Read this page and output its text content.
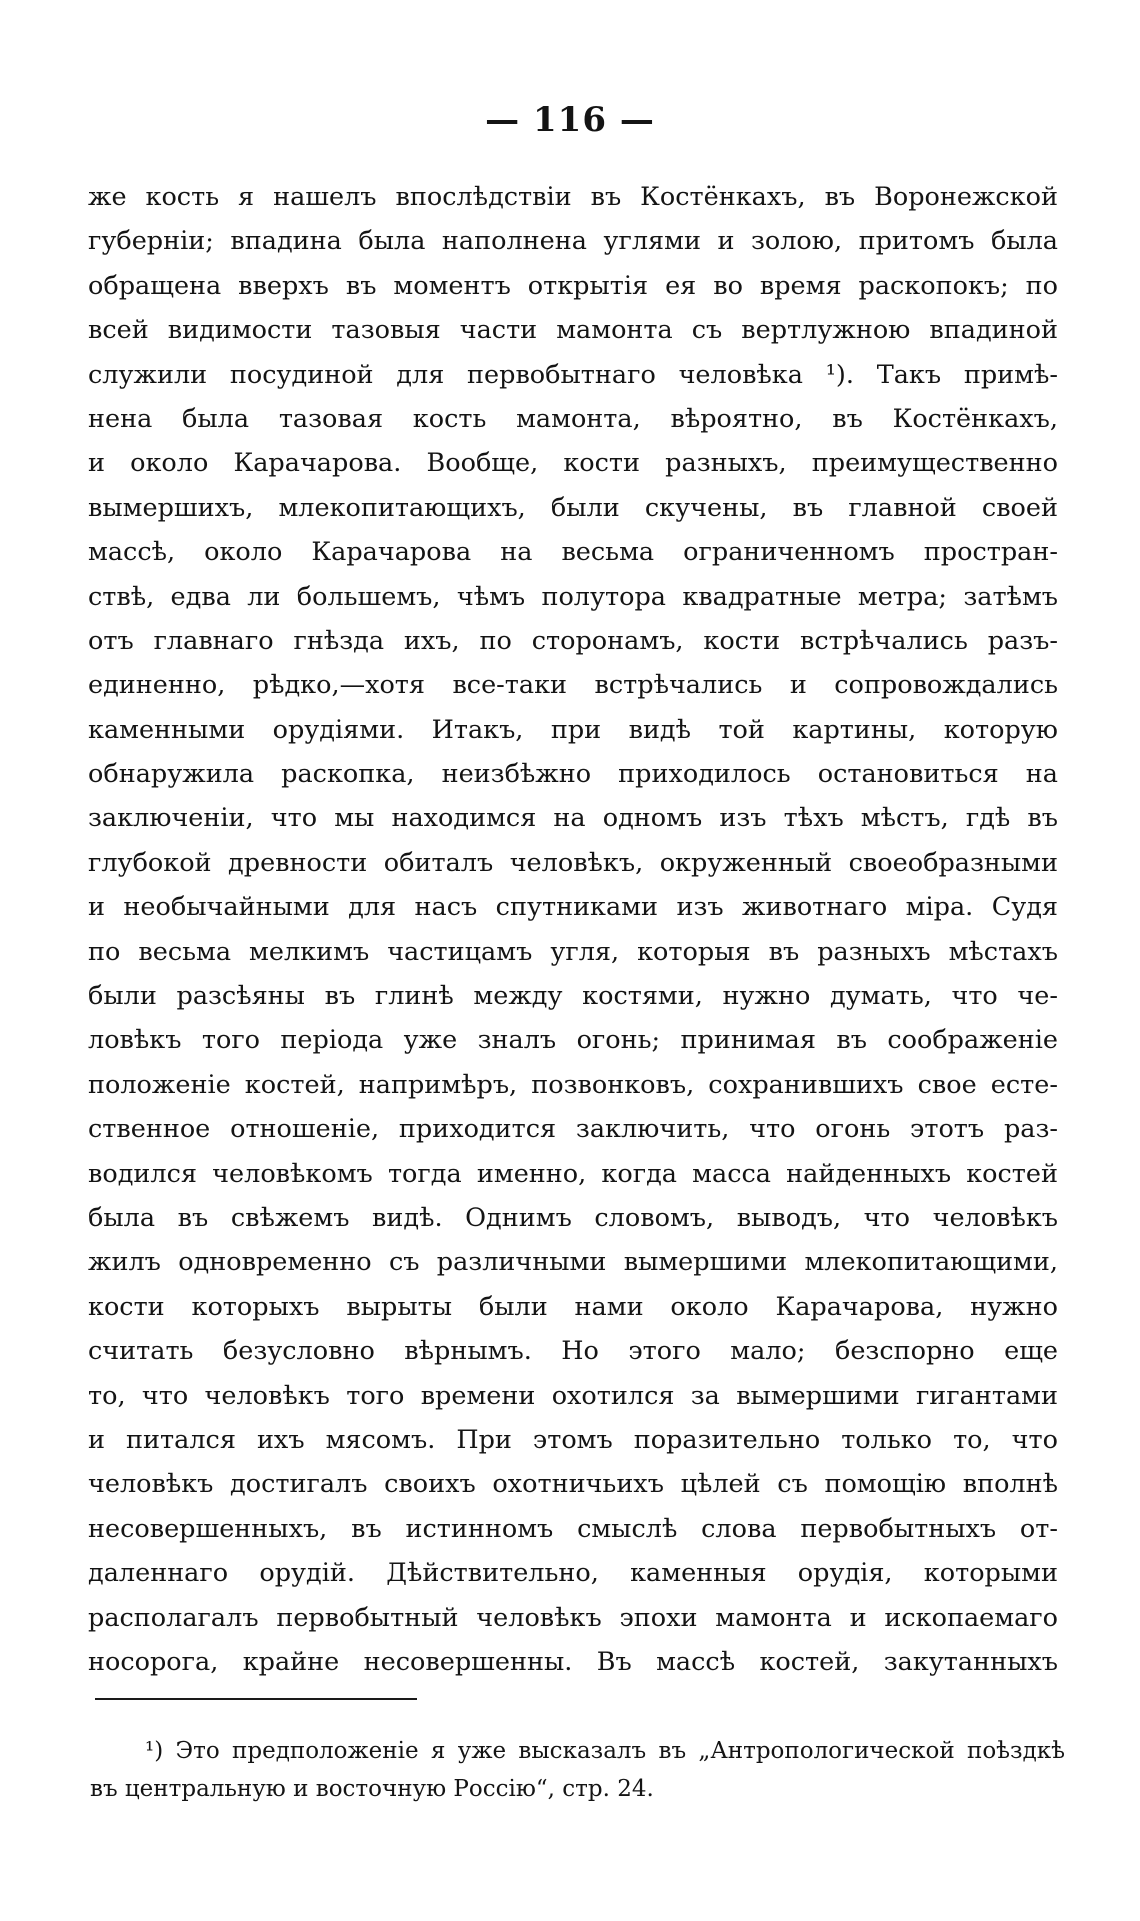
— 116 —
же кость я нашелъ впослѣдствіи въ Костёнкахъ, въ Воронежской
губерніи; впадина была наполнена углями и золою, притомъ была
обращена вверхъ въ моментъ открытія ея во время раскопокъ; по
всей видимости тазовыя части мамонта съ вертлужною впадиной
служили посудиной для первобытнаго человѣка ¹). Такъ примѣ-
нена была тазовая кость мамонта, вѣроятно, въ Костёнкахъ,
и около Карачарова. Вообще, кости разныхъ, преимущественно
вымершихъ, млекопитающихъ, были скучены, въ главной своей
массѣ, около Карачарова на весьма ограниченномъ простран-
ствѣ, едва ли большемъ, чѣмъ полутора квадратные метра; затѣмъ
отъ главнаго гнѣзда ихъ, по сторонамъ, кости встрѣчались разъ-
единенно, рѣдко,—хотя все-таки встрѣчались и сопровождались
каменными орудіями. Итакъ, при видѣ той картины, которую
обнаружила раскопка, неизбѣжно приходилось остановиться на
заключеніи, что мы находимся на одномъ изъ тѣхъ мѣстъ, гдѣ въ
глубокой древности обиталъ человѣкъ, окруженный своеобразными
и необычайными для насъ спутниками изъ животнаго міра. Судя
по весьма мелкимъ частицамъ угля, которыя въ разныхъ мѣстахъ
были разсѣяны въ глинѣ между костями, нужно думать, что че-
ловѣкъ того періода уже зналъ огонь; принимая въ соображеніе
положеніе костей, напримѣръ, позвонковъ, сохранившихъ свое есте-
ственное отношеніе, приходится заключить, что огонь этотъ раз-
водился человѣкомъ тогда именно, когда масса найденныхъ костей
была въ свѣжемъ видѣ. Однимъ словомъ, выводъ, что человѣкъ
жилъ одновременно съ различными вымершими млекопитающими,
кости которыхъ вырыты были нами около Карачарова, нужно
считать безусловно вѣрнымъ. Но этого мало; безспорно еще
то, что человѣкъ того времени охотился за вымершими гигантами
и питался ихъ мясомъ. При этомъ поразительно только то, что
человѣкъ достигалъ своихъ охотничьихъ цѣлей съ помощію вполнѣ
несовершенныхъ, въ истинномъ смыслѣ слова первобытныхъ от-
даленнаго орудій. Дѣйствительно, каменныя орудія, которыми
располагалъ первобытный человѣкъ эпохи мамонта и ископаемаго
носорога, крайне несовершенны. Въ массѣ костей, закутанныхъ
¹) Это предположеніе я уже высказалъ въ „Антропологической поѣздкѣ
въ центральную и восточную Россію“, стр. 24.
